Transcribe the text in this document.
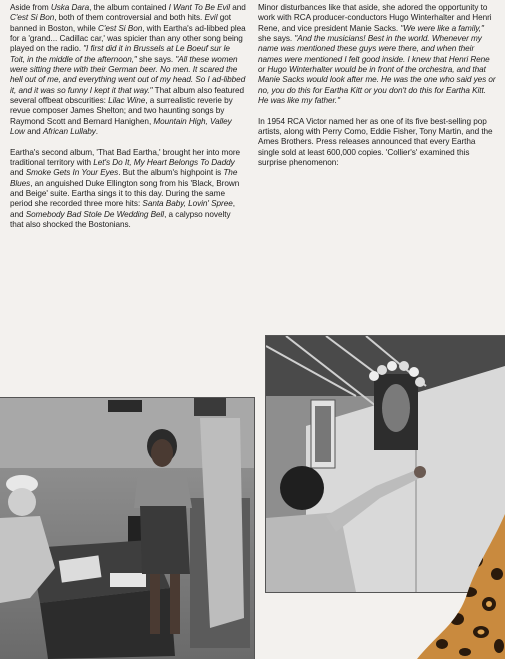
Aside from Uska Dara, the album contained I Want To Be Evil and C'est Si Bon, both of them controversial and both hits. Evil got banned in Boston, while C'est Si Bon, with Eartha's ad-libbed plea for a 'grand... Cadillac car,' was spicier than any other song being played on the radio. "I first did it in Brussels at Le Boeuf sur le Toit, in the middle of the afternoon," she says. "All these women were sitting there with their German beer. No men. It scared the hell out of me, and everything went out of my head. So I ad-libbed it, and it was so funny I kept it that way." That album also featured several offbeat obscurities: Lilac Wine, a surrealistic reverie by revue composer James Shelton; and two haunting songs by Raymond Scott and Bernard Hanighen, Mountain High, Valley Low and African Lullaby.

Eartha's second album, 'That Bad Eartha,' brought her into more traditional territory with Let's Do It, My Heart Belongs To Daddy and Smoke Gets In Your Eyes. But the album's highpoint is The Blues, an anguished Duke Ellington song from his 'Black, Brown and Beige' suite. Eartha sings it to this day. During the same period she recorded three more hits: Santa Baby, Lovin' Spree, and Somebody Bad Stole De Wedding Bell, a calypso novelty that also shocked the Bostonians.

Minor disturbances like that aside, she adored the opportunity to work with RCA producer-conductors Hugo Winterhalter and Henri Rene, and vice president Manie Sacks. "We were like a family," she says. "And the musicians! Best in the world. Whenever my name was mentioned these guys were there, and when their names were mentioned I felt good inside. I knew that Henri Rene or Hugo Winterhalter would be in front of the orchestra, and that Manie Sacks would look after me. He was the one who said yes or no, you do this for Eartha Kitt or you don't do this for Eartha Kitt. He was like my father."

In 1954 RCA Victor named her as one of its five best-selling pop artists, along with Perry Como, Eddie Fisher, Tony Martin, and the Ames Brothers. Press releases announced that every Eartha single sold at least 600,000 copies. 'Collier's' examined this surprise phenomenon:
